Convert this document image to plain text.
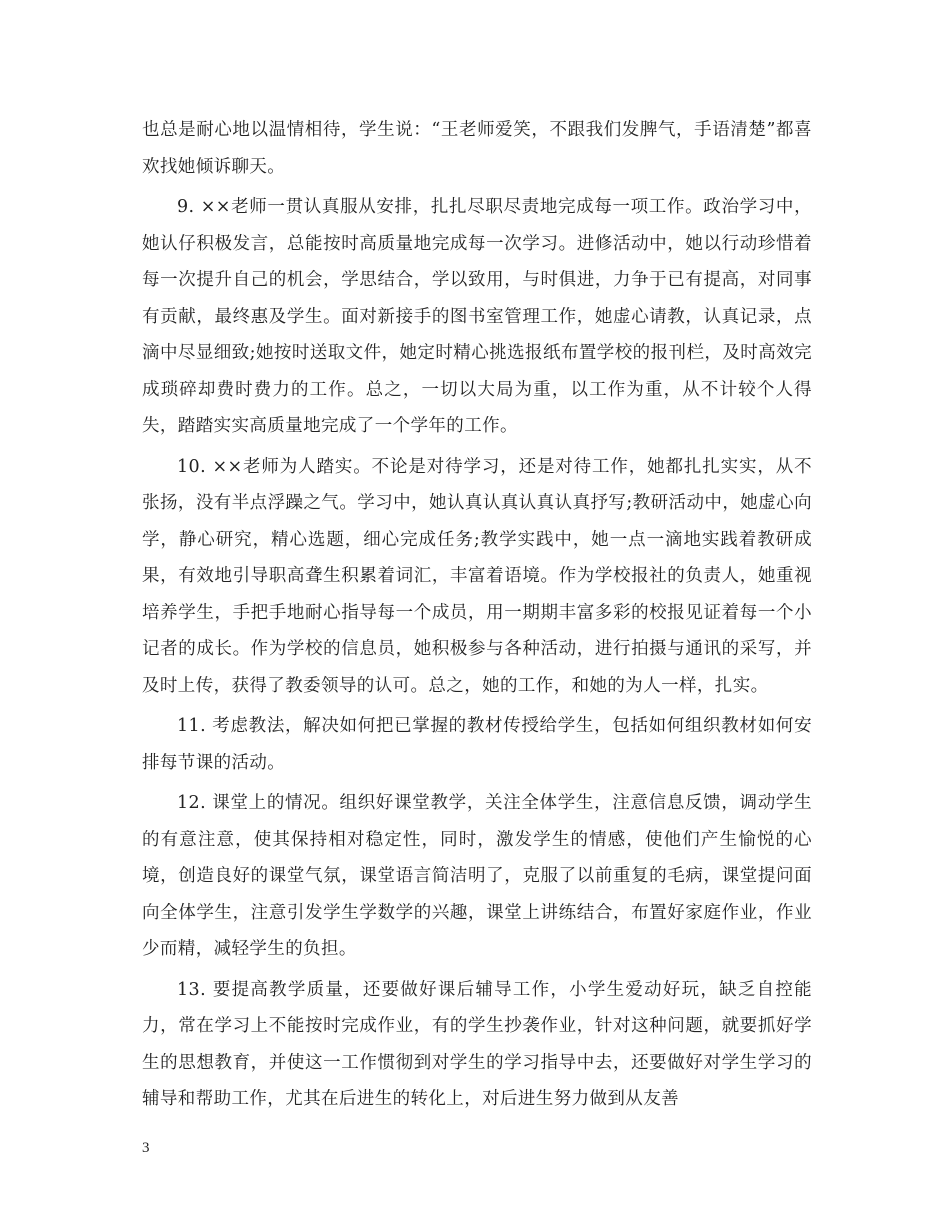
也总是耐心地以温情相待，学生说：“王老师爱笑，不跟我们发脾气，手语清楚”都喜欢找她倾诉聊天。

9. ××老师一贯认真服从安排，扎扎尽职尽责地完成每一项工作。政治学习中，她认仔积极发言，总能按时高质量地完成每一次学习。进修活动中，她以行动珍惜着每一次提升自己的机会，学思结合，学以致用，与时俱进，力争于已有提高，对同事有贡献，最终惠及学生。面对新接手的图书室管理工作，她虚心请教，认真记录，点滴中尽显细致;她按时送取文件，她定时精心挑选报纸布置学校的报刊栏，及时高效完成琐碎却费时费力的工作。总之，一切以大局为重，以工作为重，从不计较个人得失，踏踏实实高质量地完成了一个学年的工作。

10. ××老师为人踏实。不论是对待学习，还是对待工作，她都扎扎实实，从不张扬，没有半点浮躁之气。学习中，她认真认真认真认真抒写;教研活动中，她虚心向学，静心研究，精心选题，细心完成任务;教学实践中，她一点一滴地实践着教研成果，有效地引导职高聋生积累着词汇，丰富着语境。作为学校报社的负责人，她重视培养学生，手把手地耐心指导每一个成员，用一期期丰富多彩的校报见证着每一个小记者的成长。作为学校的信息员，她积极参与各种活动，进行拍摄与通讯的采写，并及时上传，获得了教委领导的认可。总之，她的工作，和她的为人一样，扎实。

11. 考虑教法，解决如何把已掌握的教材传授给学生，包括如何组织教材如何安排每节课的活动。

12. 课堂上的情况。组织好课堂教学，关注全体学生，注意信息反馈，调动学生的有意注意，使其保持相对稳定性，同时，激发学生的情感，使他们产生愉悦的心境，创造良好的课堂气氛，课堂语言简洁明了，克服了以前重复的毛病，课堂提问面向全体学生，注意引发学生学数学的兴趣，课堂上讲练结合，布置好家庭作业，作业少而精，减轻学生的负担。

13. 要提高教学质量，还要做好课后辅导工作，小学生爱动好玩，缺乏自控能力，常在学习上不能按时完成作业，有的学生抄袭作业，针对这种问题，就要抓好学生的思想教育，并使这一工作惯彻到对学生的学习指导中去，还要做好对学生学习的辅导和帮助工作，尤其在后进生的转化上，对后进生努力做到从友善

3
